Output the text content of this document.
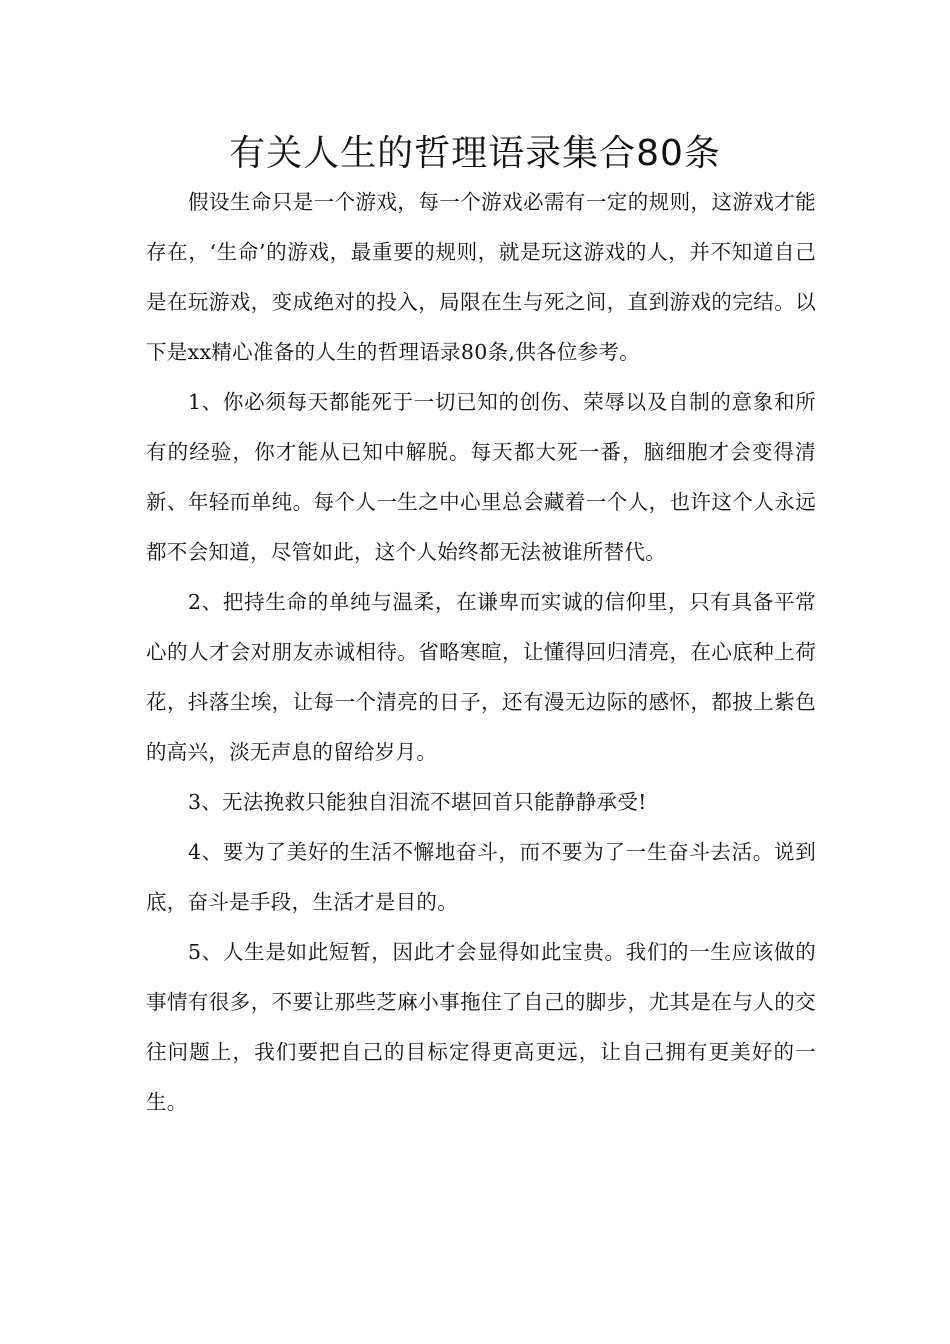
有关人生的哲理语录集合80条

假设生命只是一个游戏，每一个游戏必需有一定的规则，这游戏才能存在，‘生命’的游戏，最重要的规则，就是玩这游戏的人，并不知道自己是在玩游戏，变成绝对的投入，局限在生与死之间，直到游戏的完结。以下是xx精心准备的人生的哲理语录80条,供各位参考。

1、你必须每天都能死于一切已知的创伤、荣辱以及自制的意象和所有的经验，你才能从已知中解脱。每天都大死一番，脑细胞才会变得清新、年轻而单纯。每个人一生之中心里总会藏着一个人，也许这个人永远都不会知道，尽管如此，这个人始终都无法被谁所替代。

2、把持生命的单纯与温柔，在谦卑而实诚的信仰里，只有具备平常心的人才会对朋友赤诚相待。省略寒暄，让懂得回归清亮，在心底种上荷花，抖落尘埃，让每一个清亮的日子，还有漫无边际的感怀，都披上紫色的高兴，淡无声息的留给岁月。

3、无法挽救只能独自泪流不堪回首只能静静承受!

4、要为了美好的生活不懈地奋斗，而不要为了一生奋斗去活。说到底，奋斗是手段，生活才是目的。

5、人生是如此短暂，因此才会显得如此宝贵。我们的一生应该做的事情有很多，不要让那些芝麻小事拖住了自己的脚步，尤其是在与人的交往问题上，我们要把自己的目标定得更高更远，让自己拥有更美好的一生。
